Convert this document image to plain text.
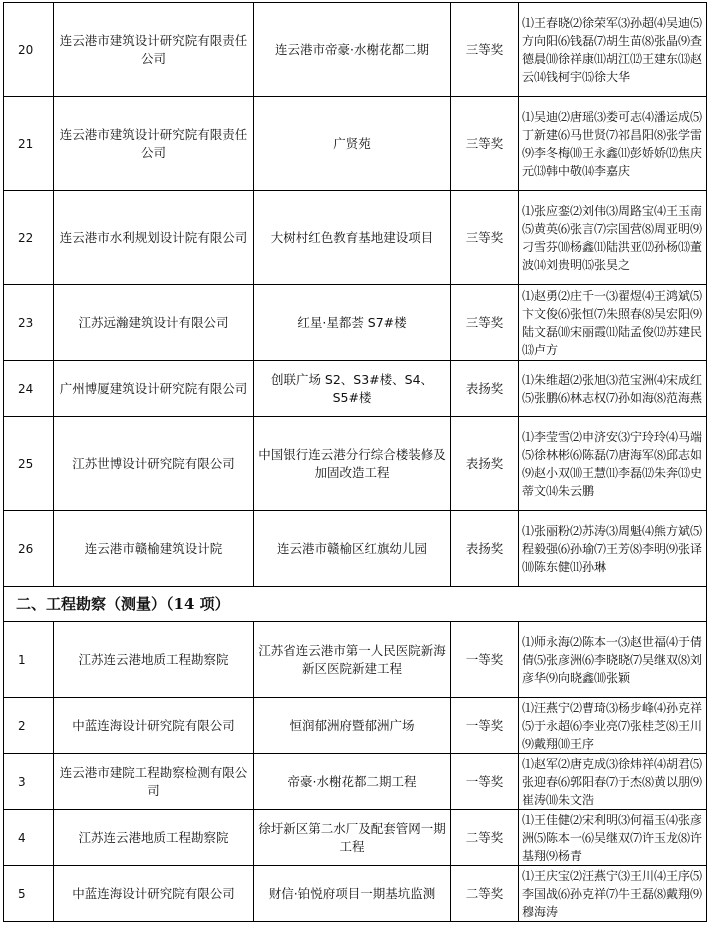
20	连云港市建筑设计研究院有限责任公司	连云港市帝豪·水榭花都二期	三等奖	⑴王春晓⑵徐荣军⑶孙超⑷吴迪⑸方向阳⑹钱磊⑺胡生苗⑻张晶⑼查德晨⑽徐祥康⑾胡江⑿王建东⒀赵云⒁钱柯宇⒂徐大华
21	连云港市建筑设计研究院有限责任公司	广贤苑	三等奖	⑴吴迪⑵唐瑶⑶娄可志⑷潘运成⑸丁新建⑹马世贤⑺祁昌阳⑻张学雷⑼李冬梅⑽王永鑫⑾彭娇娇⑿焦庆元⒀韩中敬⒁李嘉庆
22	连云港市水利规划设计院有限公司	大树村红色教育基地建设项目	三等奖	⑴张应銮⑵刘伟⑶周路宝⑷王玉南⑸黄英⑹张言⑺宗国营⑻周亚明⑼刁雪芬⑽杨鑫⑾陆洪亚⑿孙杨⒀董波⒁刘贵明⒂张昊之
23	江苏远瀚建筑设计有限公司	红星·星都荟 S7#楼	三等奖	⑴赵勇⑵庄千一⑶翟煜⑷王鸿斌⑸卞文俊⑹张恒⑺朱照春⑻吴宏阳⑼陆文磊⑽宋丽霞⑾陆孟俊⑿苏建民⒀卢方
24	广州博厦建筑设计研究院有限公司	创联广场 S2、S3#楼、S4、S5#楼	表扬奖	⑴朱维超⑵张旭⑶范宝洲⑷宋成红⑸张鹏⑹林志权⑺孙如海⑻范海燕
25	江苏世博设计研究院有限公司	中国银行连云港分行综合楼装修及加固改造工程	表扬奖	⑴李莹雪⑵申济安⑶宁玲玲⑷马端⑸徐林彬⑹陈磊⑺唐海军⑻邱志如⑼赵小双⑽王慧⑾李磊⑿朱奔⒀史蒂文⒁朱云鹏
26	连云港市赣榆建筑设计院	连云港市赣榆区红旗幼儿园	表扬奖	⑴张丽粉⑵苏涛⑶周魁⑷熊方斌⑸程毅强⑹孙瑜⑺王芳⑻李明⑼张译⑽陈东健⑾孙琳
二、工程勘察（测量）（14 项）				
1	江苏连云港地质工程勘察院	江苏省连云港市第一人民医院新海新区医院新建工程	一等奖	⑴师永海⑵陈本一⑶赵世福⑷于倩倩⑸张彦洲⑹李晓晓⑺吴继双⑻刘彦华⑼向晓鑫⑽张颖
2	中蓝连海设计研究院有限公司	恒润郁洲府暨郁洲广场	一等奖	⑴汪燕宁⑵曹琦⑶杨步峰⑷孙克祥⑸于永超⑹李业亮⑺张桂芝⑻王川⑼戴翔⑽王序
3	连云港市建院工程勘察检测有限公司	帝豪·水榭花都二期工程	一等奖	⑴赵军⑵唐克成⑶徐炜祥⑷胡君⑸张迎春⑹郭阳春⑺于杰⑻黄以朋⑼崔涛⑽朱文浩
4	江苏连云港地质工程勘察院	徐圩新区第二水厂及配套管网一期工程	二等奖	⑴王佳健⑵宋利明⑶何福玉⑷张彦洲⑸陈本一⑹吴继双⑺许玉龙⑻许基翔⑼杨青
5	中蓝连海设计研究院有限公司	财信·铂悦府项目一期基坑监测	二等奖	⑴王庆宝⑵汪燕宁⑶王川⑷王序⑸李国战⑹孙克祥⑺牛王磊⑻戴翔⑼穆海涛
